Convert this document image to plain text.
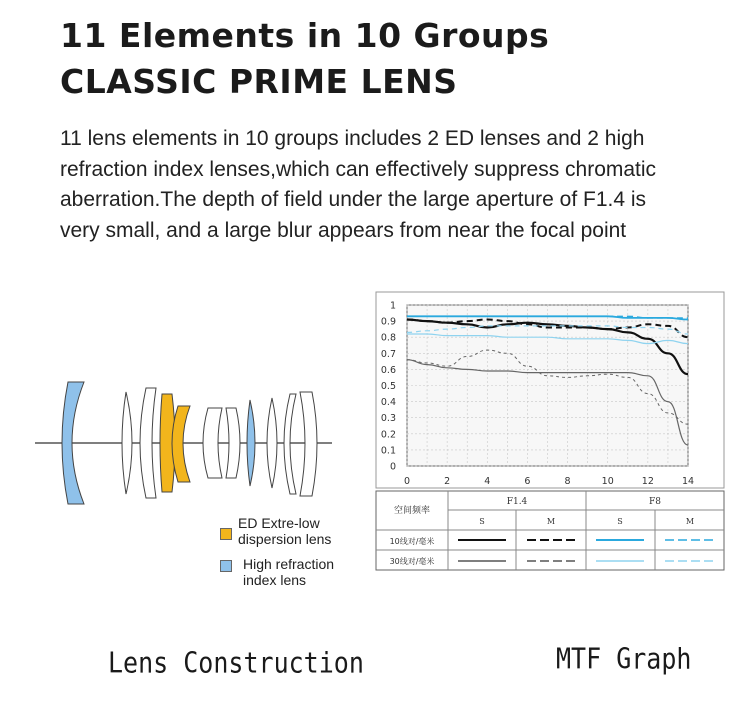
11 Elements in 10 Groups
CLASSIC PRIME LENS
11 lens elements in 10 groups includes 2 ED lenses and 2 high
refraction index lenses,which can effectively suppress chromatic
aberration.The depth of field under the large aperture of F1.4 is
very small, and a large blur appears from near the focal point
ED Extre-low
dispersion lens
High refraction
index lens
0
0.1
0.2
0.3
0.4
0.5
0.6
0.7
0.8
0.9
1
0	2	4	6	8	10	12	14
空间频率
F1.4	F8
S	M	S	M
10线对/毫米
30线对/毫米
Lens Construction	MTF Graph
